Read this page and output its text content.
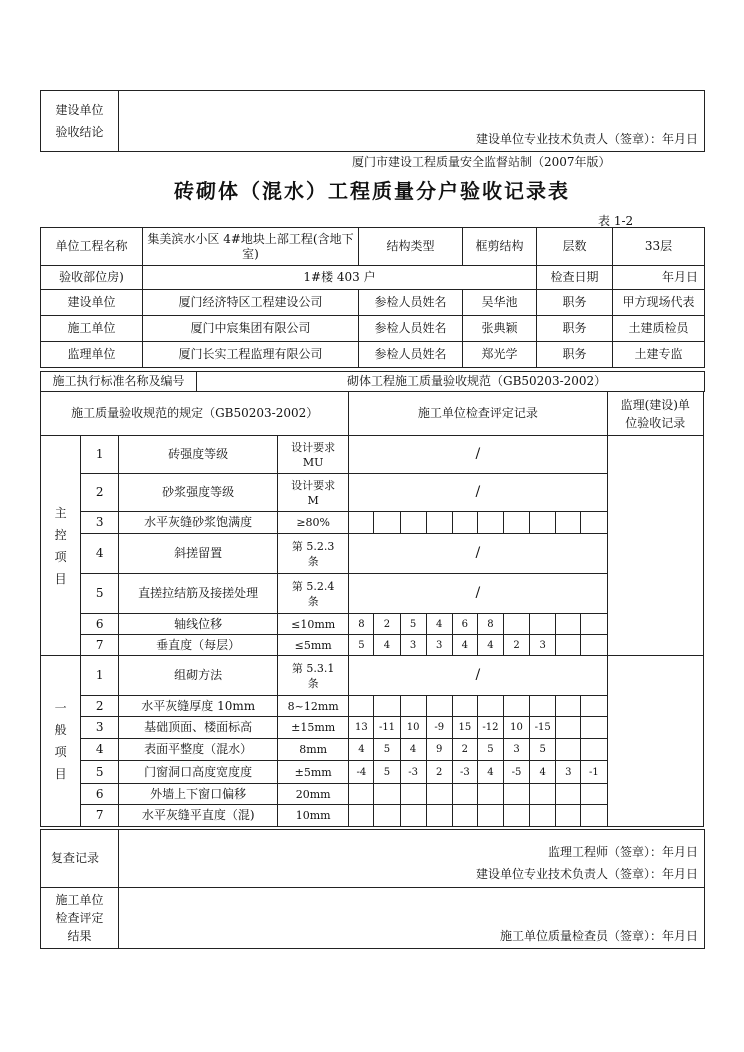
建设单位
验收结论	建设单位专业技术负责人（签章）：年月日
厦门市建设工程质量安全监督站制（2007年版）
砖砌体（混水）工程质量分户验收记录表
表 1-2
单位工程名称	集美滨水小区 4#地块上部工程(含地下室)	结构类型	框剪结构	层数	33层
验收部位房)	1#楼 403 户			检查日期	年月日
建设单位	厦门经济特区工程建设公司	参检人员姓名	吴华池	职务	甲方现场代表
施工单位	厦门中宸集团有限公司	参检人员姓名	张典颖	职务	土建质检员
监理单位	厦门长实工程监理有限公司	参检人员姓名	郑光学	职务	土建专监
施工执行标准名称及编号	砌体工程施工质量验收规范（GB50203-2002）
施工质量验收规范的规定（GB50203-2002）				施工单位检查评定记录										监理(建设)单
位验收记录
主
控
项
目	1	砖强度等级	设计要求
MU	/										
	2	砂浆强度等级	设计要求
M	/										
	3	水平灰缝砂浆饱满度	≥80%											
	4	斜搓留置	第 5.2.3
条	/										
	5	直搓拉结筋及接搓处理	第 5.2.4
条	/										
	6	轴线位移	≤10mm	8	2	5	4	6	8					
	7	垂直度（每层）	≤5mm	5	4	3	3	4	4	2	3			
一
般
项
目	1	组砌方法	第 5.3.1
条	/										
	2	水平灰缝厚度 10mm	8~12mm											
	3	基础顶面、楼面标高	±15mm	13	-11	10	-9	15	-12	10	-15			
	4	表面平整度（混水）	8mm	4	5	4	9	2	5	3	5			
	5	门窗洞口高度宽度度	±5mm	-4	5	-3	2	-3	4	-5	4	3	-1	
	6	外墙上下窗口偏移	20mm											
	7	水平灰缝平直度（混)	10mm											
复查记录	监理工程师（签章）：年月日
建设单位专业技术负责人（签章）：年月日

施工单位
检查评定
结果	施工单位质量检查员（签章）：年月日
